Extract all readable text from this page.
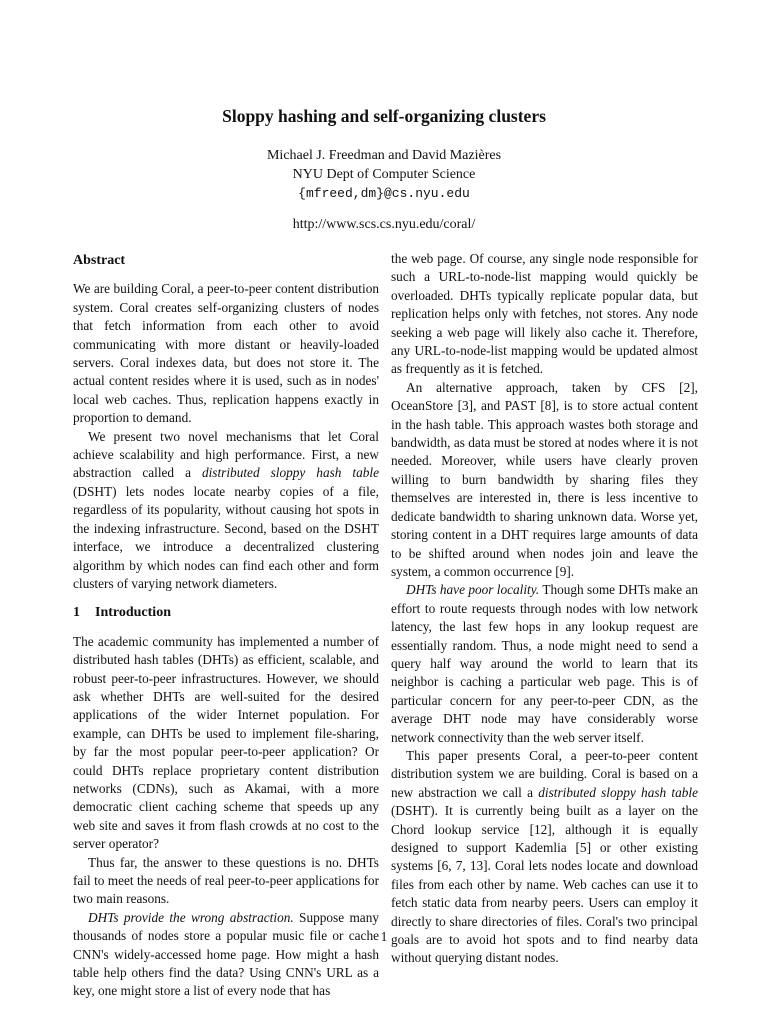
Sloppy hashing and self-organizing clusters
Michael J. Freedman and David Mazières
NYU Dept of Computer Science
{mfreed,dm}@cs.nyu.edu
http://www.scs.cs.nyu.edu/coral/
Abstract

We are building Coral, a peer-to-peer content distribution system. Coral creates self-organizing clusters of nodes that fetch information from each other to avoid communicating with more distant or heavily-loaded servers. Coral indexes data, but does not store it. The actual content resides where it is used, such as in nodes' local web caches. Thus, replication happens exactly in proportion to demand.

We present two novel mechanisms that let Coral achieve scalability and high performance. First, a new abstraction called a distributed sloppy hash table (DSHT) lets nodes locate nearby copies of a file, regardless of its popularity, without causing hot spots in the indexing infrastructure. Second, based on the DSHT interface, we introduce a decentralized clustering algorithm by which nodes can find each other and form clusters of varying network diameters.

1 Introduction

The academic community has implemented a number of distributed hash tables (DHTs) as efficient, scalable, and robust peer-to-peer infrastructures. However, we should ask whether DHTs are well-suited for the desired applications of the wider Internet population. For example, can DHTs be used to implement file-sharing, by far the most popular peer-to-peer application? Or could DHTs replace proprietary content distribution networks (CDNs), such as Akamai, with a more democratic client caching scheme that speeds up any web site and saves it from flash crowds at no cost to the server operator?

Thus far, the answer to these questions is no. DHTs fail to meet the needs of real peer-to-peer applications for two main reasons.

DHTs provide the wrong abstraction. Suppose many thousands of nodes store a popular music file or cache CNN's widely-accessed home page. How might a hash table help others find the data? Using CNN's URL as a key, one might store a list of every node that has

the web page. Of course, any single node responsible for such a URL-to-node-list mapping would quickly be overloaded. DHTs typically replicate popular data, but replication helps only with fetches, not stores. Any node seeking a web page will likely also cache it. Therefore, any URL-to-node-list mapping would be updated almost as frequently as it is fetched.

An alternative approach, taken by CFS [2], OceanStore [3], and PAST [8], is to store actual content in the hash table. This approach wastes both storage and bandwidth, as data must be stored at nodes where it is not needed. Moreover, while users have clearly proven willing to burn bandwidth by sharing files they themselves are interested in, there is less incentive to dedicate bandwidth to sharing unknown data. Worse yet, storing content in a DHT requires large amounts of data to be shifted around when nodes join and leave the system, a common occurrence [9].

DHTs have poor locality. Though some DHTs make an effort to route requests through nodes with low network latency, the last few hops in any lookup request are essentially random. Thus, a node might need to send a query half way around the world to learn that its neighbor is caching a particular web page. This is of particular concern for any peer-to-peer CDN, as the average DHT node may have considerably worse network connectivity than the web server itself.

This paper presents Coral, a peer-to-peer content distribution system we are building. Coral is based on a new abstraction we call a distributed sloppy hash table (DSHT). It is currently being built as a layer on the Chord lookup service [12], although it is equally designed to support Kademlia [5] or other existing systems [6, 7, 13]. Coral lets nodes locate and download files from each other by name. Web caches can use it to fetch static data from nearby peers. Users can employ it directly to share directories of files. Coral's two principal goals are to avoid hot spots and to find nearby data without querying distant nodes.

1
